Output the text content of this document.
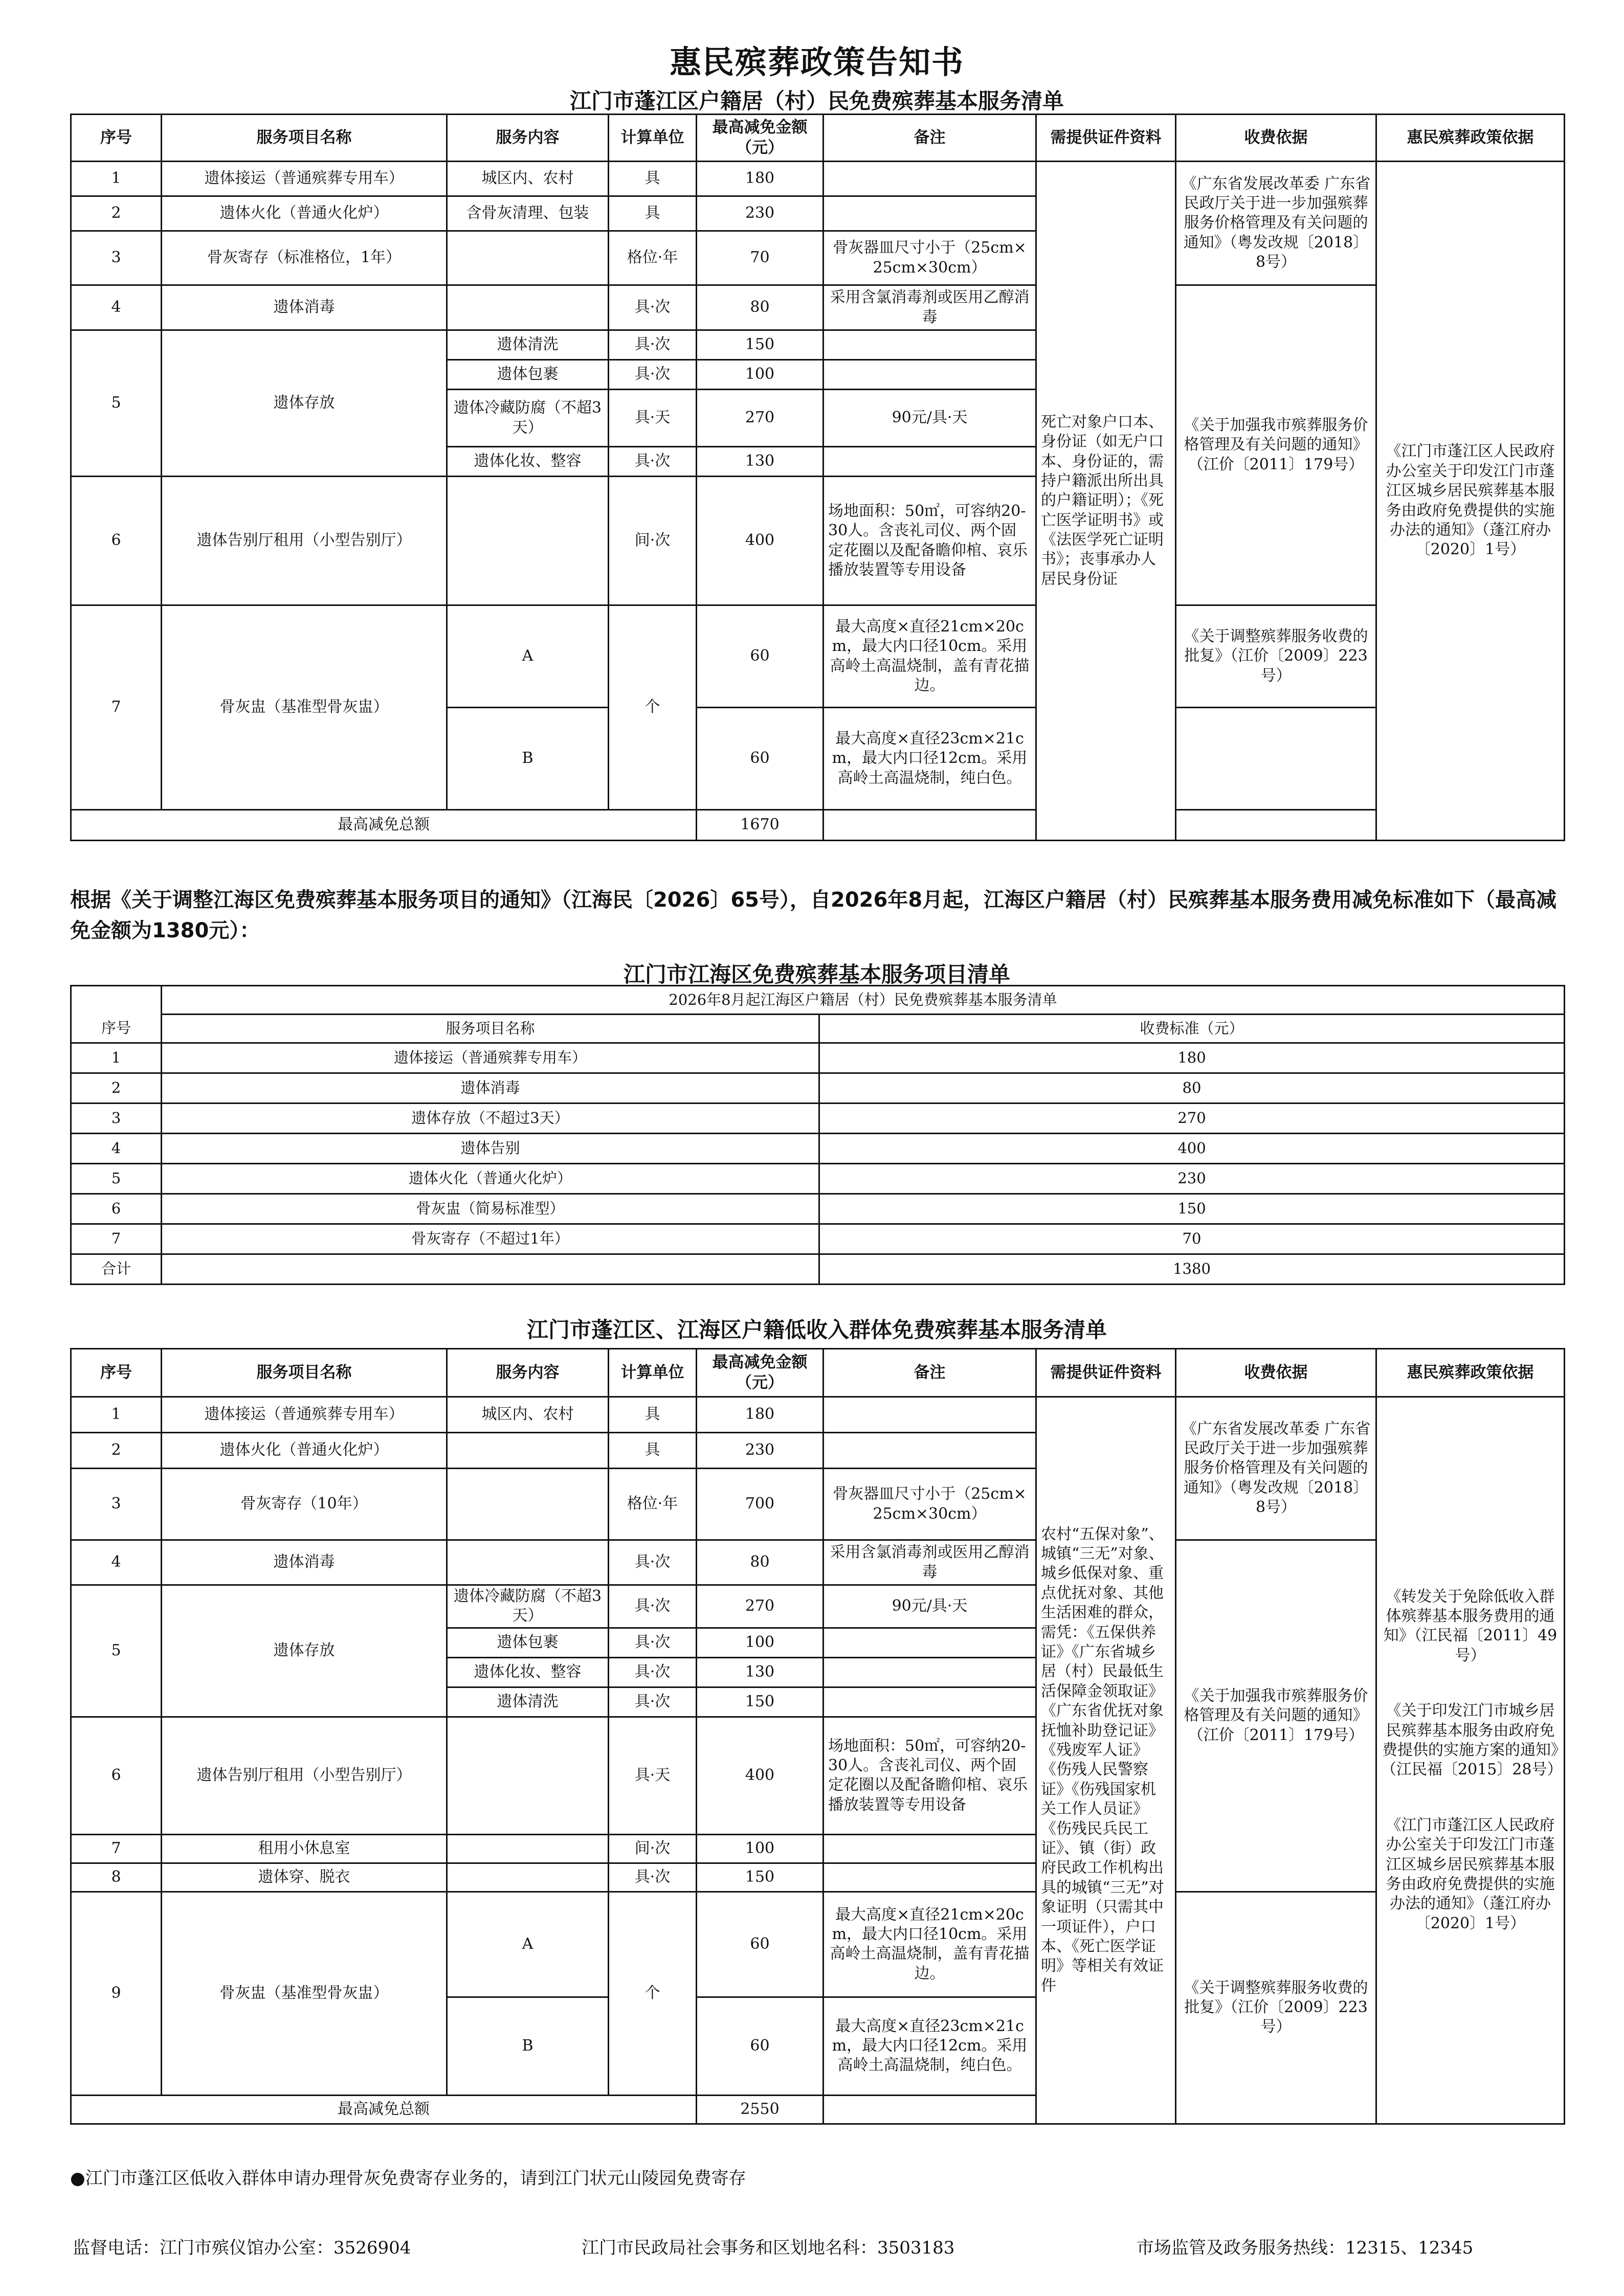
惠民殡葬政策告知书
江门市蓬江区户籍居（村）民免费殡葬基本服务清单
序号	服务项目名称	服务内容	计算单位	最高减免金额（元）	备注	需提供证件资料	收费依据	惠民殡葬政策依据
1	遗体接运（普通殡葬专用车）	城区内、农村	具	180		死亡对象户口本、身份证（如无户口本、身份证的，需持户籍派出所出具的户籍证明）；《死亡医学证明书》或《法医学死亡证明书》；丧事承办人居民身份证	《广东省发展改革委 广东省民政厅关于进一步加强殡葬服务价格管理及有关问题的通知》（粤发改规〔2018〕8号）	《江门市蓬江区人民政府办公室关于印发江门市蓬江区城乡居民殡葬基本服务由政府免费提供的实施办法的通知》（蓬江府办〔2020〕1号）
2	遗体火化（普通火化炉）	含骨灰清理、包装	具	230				
3	骨灰寄存（标准格位，1年）		格位·年	70	骨灰器皿尺寸小于（25cm×25cm×30cm）			
4	遗体消毒		具·次	80	采用含氯消毒剂或医用乙醇消毒		《关于加强我市殡葬服务价格管理及有关问题的通知》（江价〔2011〕179号）	
5	遗体存放	遗体清洗	具·次	150				
		遗体包裹	具·次	100				
		遗体冷藏防腐（不超3天）	具·天	270	90元/具·天			
		遗体化妆、整容	具·次	130				
6	遗体告别厅租用（小型告别厅）		间·次	400	场地面积：50㎡，可容纳20-30人。含丧礼司仪、两个固定花圈以及配备瞻仰棺、哀乐播放装置等专用设备			
7	骨灰盅（基准型骨灰盅）	A	个	60	最大高度×直径21cm×20cm，最大内口径10cm。采用高岭土高温烧制，盖有青花描边。		《关于调整殡葬服务收费的批复》（江价〔2009〕223号）	
		B		60	最大高度×直径23cm×21cm，最大内口径12cm。采用高岭土高温烧制，纯白色。			
最高减免总额				1670				
根据《关于调整江海区免费殡葬基本服务项目的通知》（江海民〔2026〕65号），自2026年8月起，江海区户籍居（村）民殡葬基本服务费用减免标准如下（最高减免金额为1380元）：
江门市江海区免费殡葬基本服务项目清单
	2026年8月起江海区户籍居（村）民免费殡葬基本服务清单	
序号	服务项目名称	收费标准（元）
1	遗体接运（普通殡葬专用车）	180
2	遗体消毒	80
3	遗体存放（不超过3天）	270
4	遗体告别	400
5	遗体火化（普通火化炉）	230
6	骨灰盅（简易标准型）	150
7	骨灰寄存（不超过1年）	70
合计		1380
江门市蓬江区、江海区户籍低收入群体免费殡葬基本服务清单
序号	服务项目名称	服务内容	计算单位	最高减免金额（元）	备注	需提供证件资料	收费依据	惠民殡葬政策依据	
1	遗体接运（普通殡葬专用车）	城区内、农村	具	180		农村“五保对象”、城镇“三无”对象、城乡低保对象、重点优抚对象、其他生活困难的群众，需凭：《五保供养证》《广东省城乡居（村）民最低生活保障金领取证》《广东省优抚对象抚恤补助登记证》《残废军人证》《伤残人民警察证》《伤残国家机关工作人员证》《伤残民兵民工证》、镇（街）政府民政工作机构出具的城镇“三无”对象证明（只需其中一项证件），户口本、《死亡医学证明》等相关有效证件	《广东省发展改革委 广东省民政厅关于进一步加强殡葬服务价格管理及有关问题的通知》（粤发改规〔2018〕8号）	《转发关于免除低收入群体殡葬基本服务费用的通知》（江民福〔2011〕49号）
《关于印发江门市城乡居民殡葬基本服务由政府免费提供的实施方案的通知》（江民福〔2015〕28号）
《江门市蓬江区人民政府办公室关于印发江门市蓬江区城乡居民殡葬基本服务由政府免费提供的实施办法的通知》（蓬江府办〔2020〕1号）	

2	遗体火化（普通火化炉）		具	230					
3	骨灰寄存（10年）		格位·年	700	骨灰器皿尺寸小于（25cm×25cm×30cm）				
4	遗体消毒		具·次	80	采用含氯消毒剂或医用乙醇消毒		《关于加强我市殡葬服务价格管理及有关问题的通知》（江价〔2011〕179号）		
5	遗体存放	遗体冷藏防腐（不超3天）	具·次	270	90元/具·天				
		遗体包裹	具·次	100					
		遗体化妆、整容	具·次	130					
		遗体清洗	具·次	150					
6	遗体告别厅租用（小型告别厅）		具·天	400	场地面积：50㎡，可容纳20-30人。含丧礼司仪、两个固定花圈以及配备瞻仰棺、哀乐播放装置等专用设备				
7	租用小休息室		间·次	100					
8	遗体穿、脱衣		具·次	150					
9	骨灰盅（基准型骨灰盅）	A	个	60	最大高度×直径21cm×20cm，最大内口径10cm。采用高岭土高温烧制，盖有青花描边。		《关于调整殡葬服务收费的批复》（江价〔2009〕223号）		
		B		60	最大高度×直径23cm×21cm，最大内口径12cm。采用高岭土高温烧制，纯白色。				
最高减免总额				2550					
●江门市蓬江区低收入群体申请办理骨灰免费寄存业务的，请到江门状元山陵园免费寄存
监督电话：江门市殡仪馆办公室：3526904	江门市民政局社会事务和区划地名科：3503183	市场监管及政务服务热线：12315、12345
